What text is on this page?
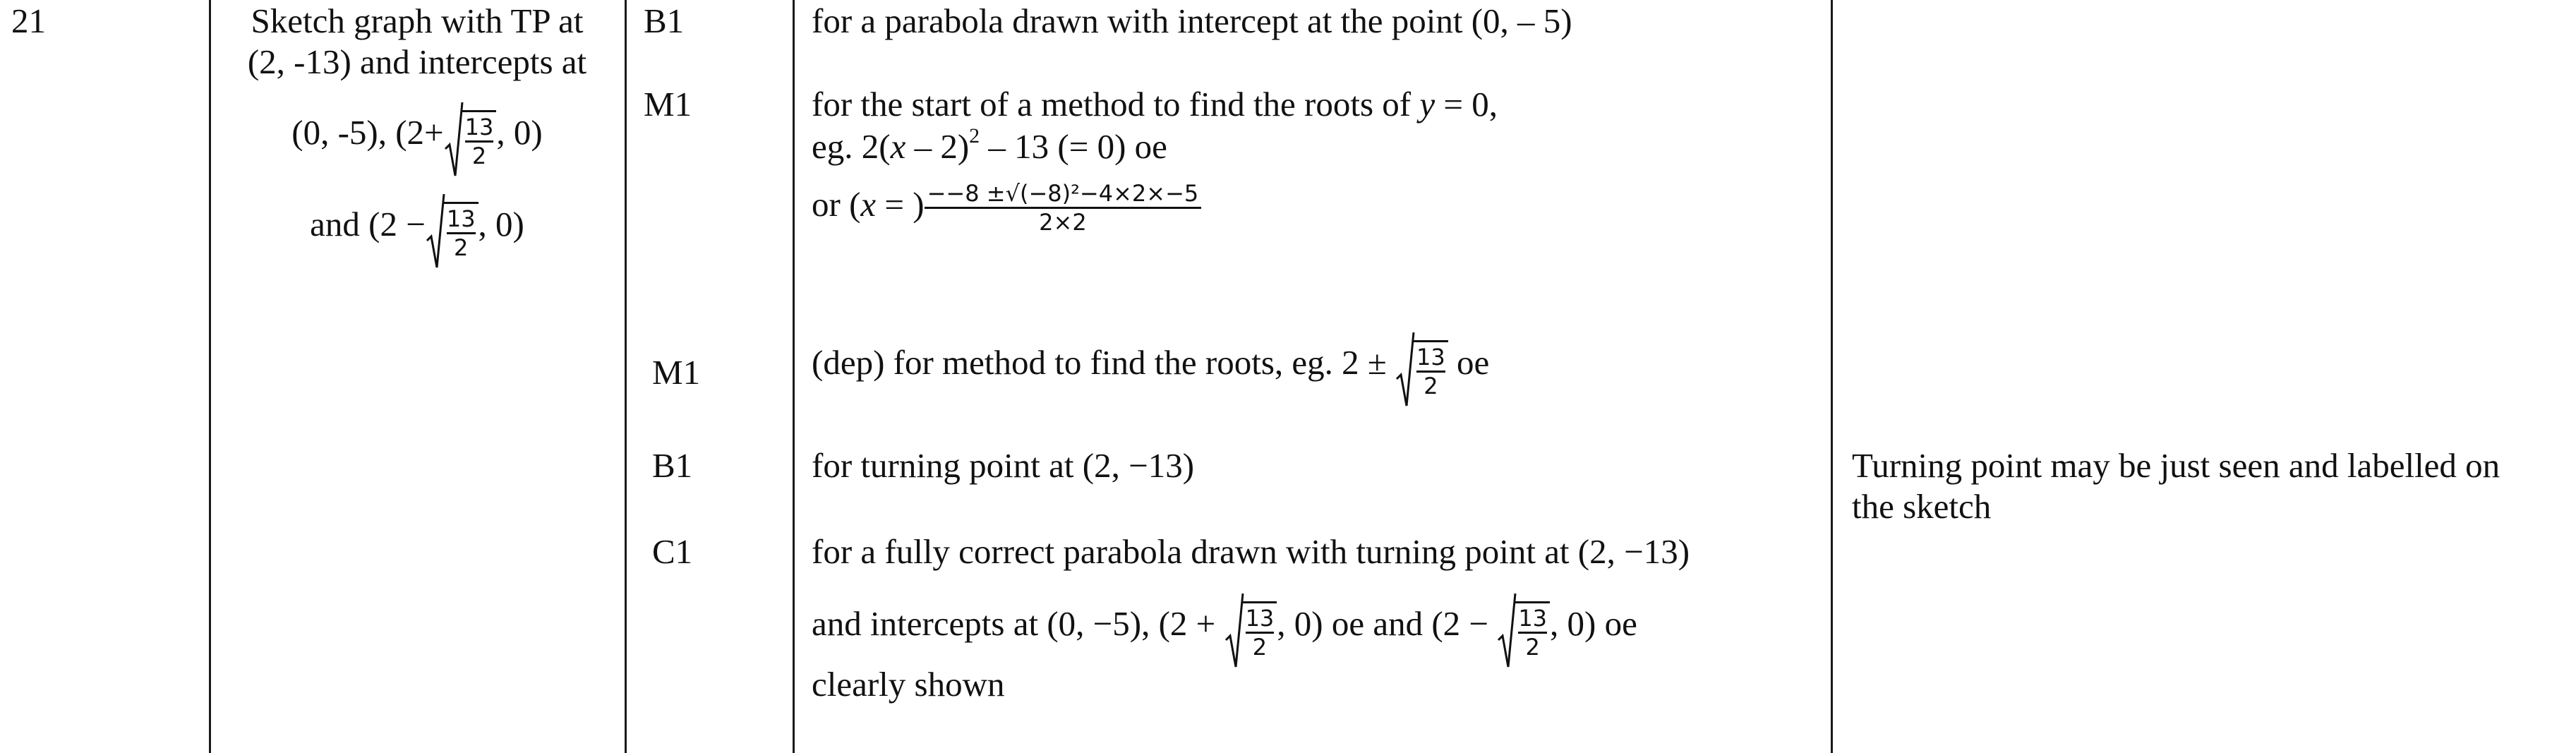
21	Sketch graph with TP at
(2, -13) and intercepts at
(0, -5), ($2+ \frac{13}{2}$ , 0)
and ($2 - \frac{13}{2}$ , 0)
B1
M1
M1
B1
C1
for a parabola drawn with intercept at the point (0, – 5)
for the start of a method to find the roots of y = 0,
eg. 2(x – 2)$^2$ – 13 (= 0) oe
or (x = ) $\frac{\text{−−8 ±√(−8)²−4×2×−5}}{2\times 2}$
(dep) for method to find the roots, eg. $2 \pm \frac{13}{2}$ oe
for turning point at (2, −13)
for a fully correct parabola drawn with turning point at (2, −13)
and intercepts at (0, −5), ($2 + \frac{13}{2}$ , 0) oe and ($2 - \frac{13}{2}$ , 0) oe
clearly shown
Turning point may be just seen and labelled on
the sketch
